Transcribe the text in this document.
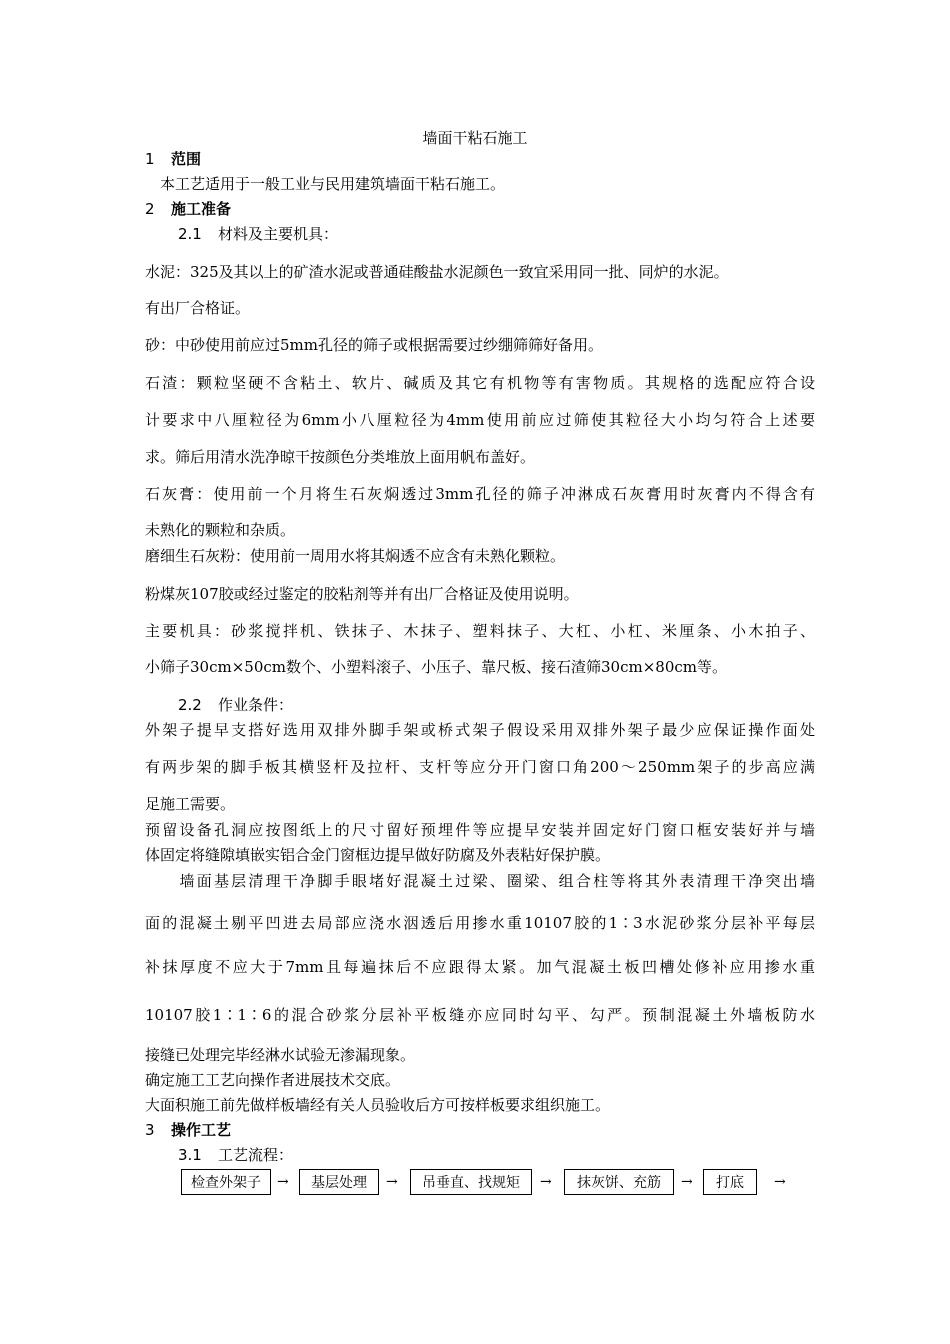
墙面干粘石施工
1 范围
本工艺适用于一般工业与民用建筑墙面干粘石施工。
2 施工准备
2.1 材料及主要机具：
水泥：325及其以上的矿渣水泥或普通硅酸盐水泥颜色一致宜采用同一批、同炉的水泥。
有出厂合格证。
砂：中砂使用前应过5mm孔径的筛子或根据需要过纱绷筛筛好备用。
石渣：颗粒坚硬不含粘土、软片、碱质及其它有机物等有害物质。其规格的选配应符合设
计要求中八厘粒径为6mm小八厘粒径为4mm使用前应过筛使其粒径大小均匀符合上述要
求。筛后用清水洗净晾干按颜色分类堆放上面用帆布盖好。
石灰膏：使用前一个月将生石灰焖透过3mm孔径的筛子冲淋成石灰膏用时灰膏内不得含有
未熟化的颗粒和杂质。
磨细生石灰粉：使用前一周用水将其焖透不应含有未熟化颗粒。
粉煤灰107胶或经过鉴定的胶粘剂等并有出厂合格证及使用说明。
主要机具：砂浆搅拌机、铁抹子、木抹子、塑料抹子、大杠、小杠、米厘条、小木拍子、
小筛子30cm×50cm数个、小塑料滚子、小压子、靠尺板、接石渣筛30cm×80cm等。
2.2 作业条件：
外架子提早支搭好选用双排外脚手架或桥式架子假设采用双排外架子最少应保证操作面处
有两步架的脚手板其横竖杆及拉杆、支杆等应分开门窗口角200～250mm架子的步高应满
足施工需要。
预留设备孔洞应按图纸上的尺寸留好预埋件等应提早安装并固定好门窗口框安装好并与墙
体固定将缝隙填嵌实铝合金门窗框边提早做好防腐及外表粘好保护膜。
　　墙面基层清理干净脚手眼堵好混凝土过梁、圈梁、组合柱等将其外表清理干净突出墙
面的混凝土剔平凹进去局部应浇水洇透后用掺水重10107胶的1∶3水泥砂浆分层补平每层
补抹厚度不应大于7mm且每遍抹后不应跟得太紧。加气混凝土板凹槽处修补应用掺水重
10107胶1∶1∶6的混合砂浆分层补平板缝亦应同时勾平、勾严。预制混凝土外墙板防水
接缝已处理完毕经淋水试验无渗漏现象。
确定施工工艺向操作者进展技术交底。
大面积施工前先做样板墙经有关人员验收后方可按样板要求组织施工。
3 操作工艺
3.1 工艺流程：
检查外架子	→	基层处理	→	吊垂直、找规矩	→	抹灰饼、充筋	→	打底	→
